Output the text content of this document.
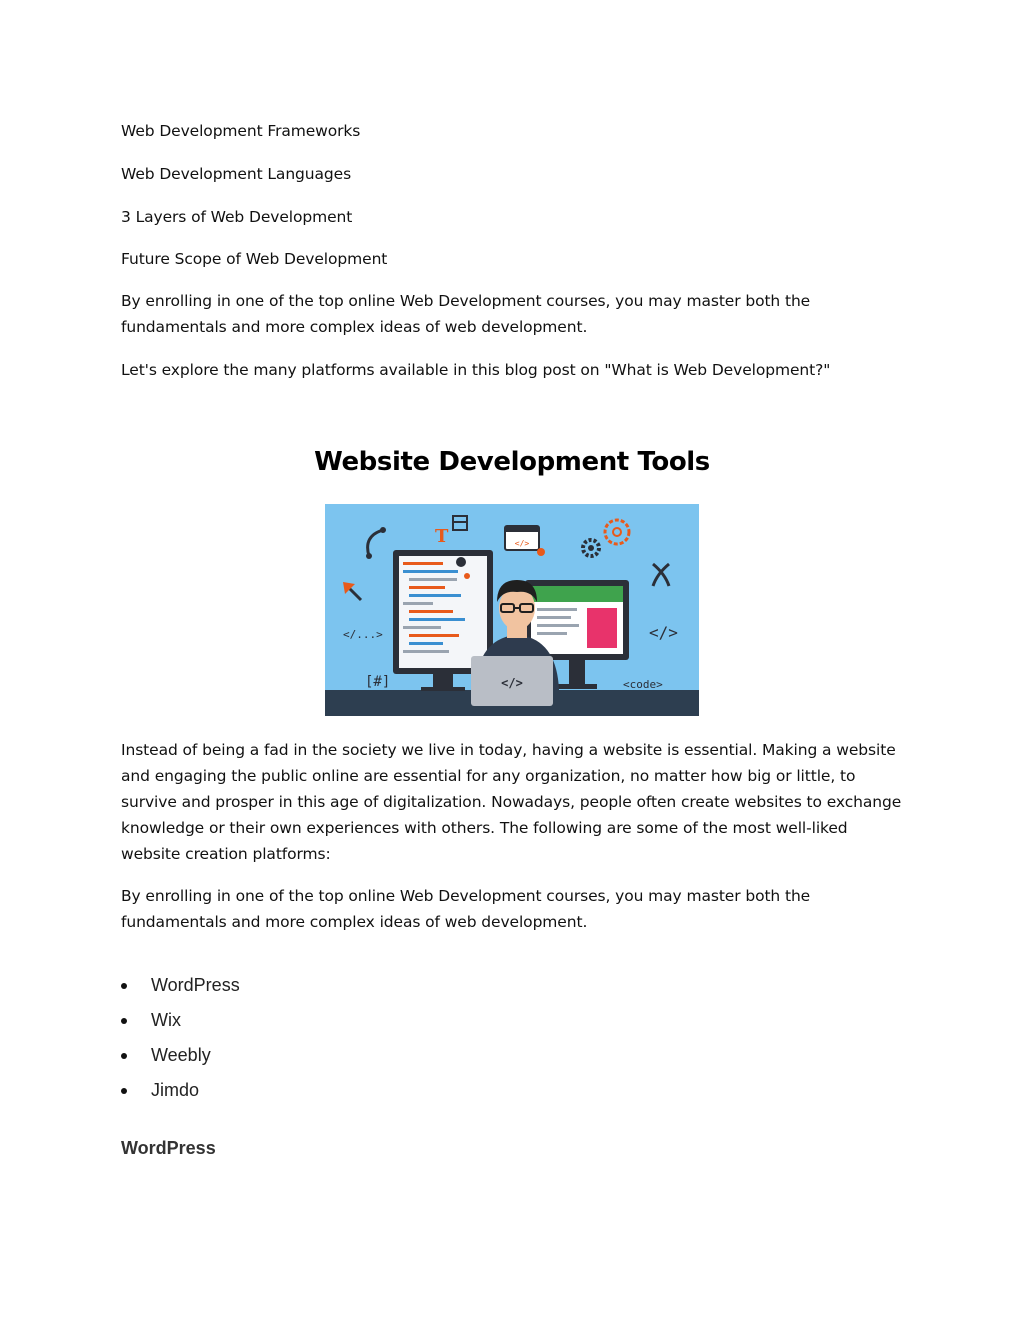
Web Development Frameworks

Web Development Languages

3 Layers of Web Development

Future Scope of Web Development

By enrolling in one of the top online Web Development courses, you may master both the fundamentals and more complex ideas of web development.

Let's explore the many platforms available in this blog post on "What is Web Development?"

Website Development Tools
</>
T	</>
</...>	</>
[#]	<code>

Instead of being a fad in the society we live in today, having a website is essential. Making a website and engaging the public online are essential for any organization, no matter how big or little, to survive and prosper in this age of digitalization. Nowadays, people often create websites to exchange knowledge or their own experiences with others. The following are some of the most well-liked website creation platforms:

By enrolling in one of the top online Web Development courses, you may master both the fundamentals and more complex ideas of web development.

WordPress
Wix
Weebly
Jimdo
WordPress
